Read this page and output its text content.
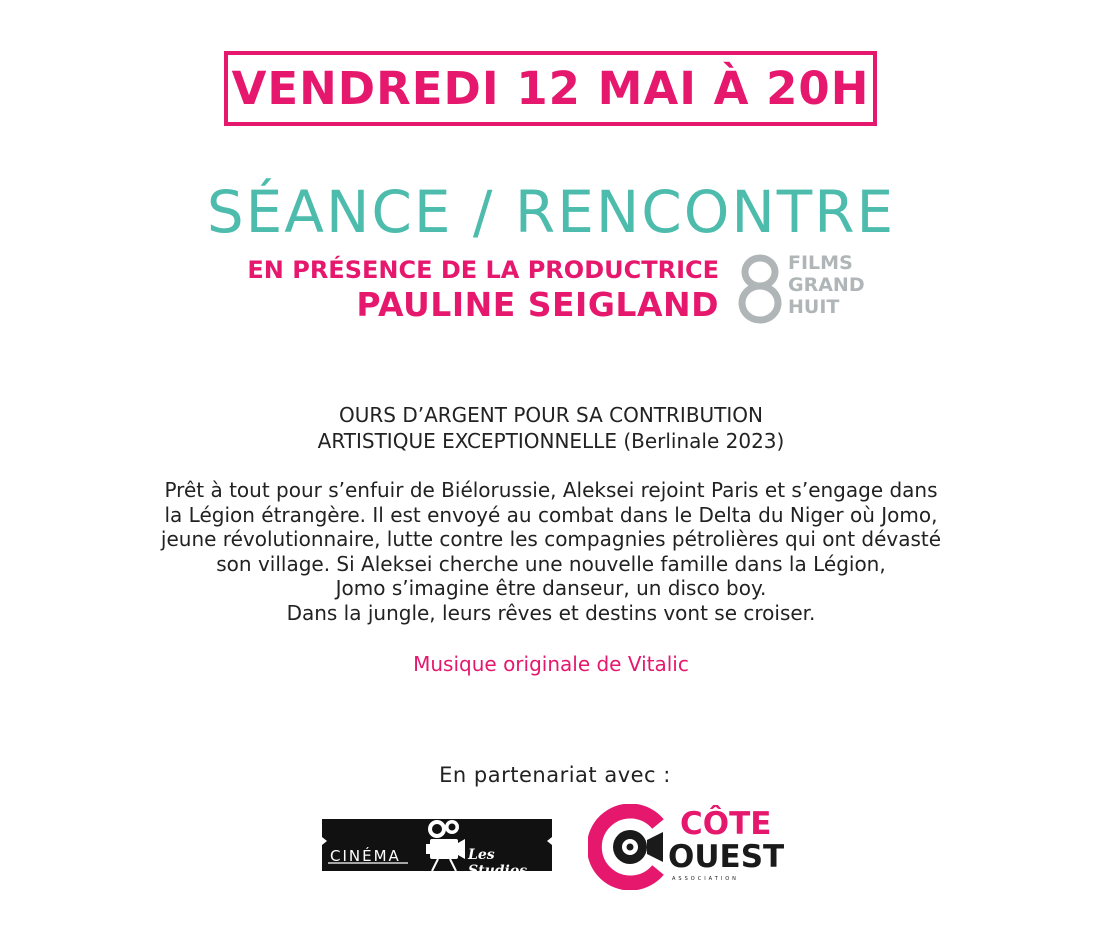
VENDREDI 12 MAI À 20H
SÉANCE / RENCONTRE
EN PRÉSENCE DE LA PRODUCTRICE
PAULINE SEIGLAND
FILMS
GRAND
HUIT
OURS D’ARGENT POUR SA CONTRIBUTION
ARTISTIQUE EXCEPTIONNELLE (Berlinale 2023)
Prêt à tout pour s’enfuir de Biélorussie, Aleksei rejoint Paris et s’engage dans
la Légion étrangère. Il est envoyé au combat dans le Delta du Niger où Jomo,
jeune révolutionnaire, lutte contre les compagnies pétrolières qui ont dévasté
son village. Si Aleksei cherche une nouvelle famille dans la Légion,
Jomo s’imagine être danseur, un disco boy.
Dans la jungle, leurs rêves et destins vont se croiser.
Musique originale de Vitalic
En partenariat avec :
CINÉMA	Les Studios
CÔTE
OUEST
ASSOCIATION
